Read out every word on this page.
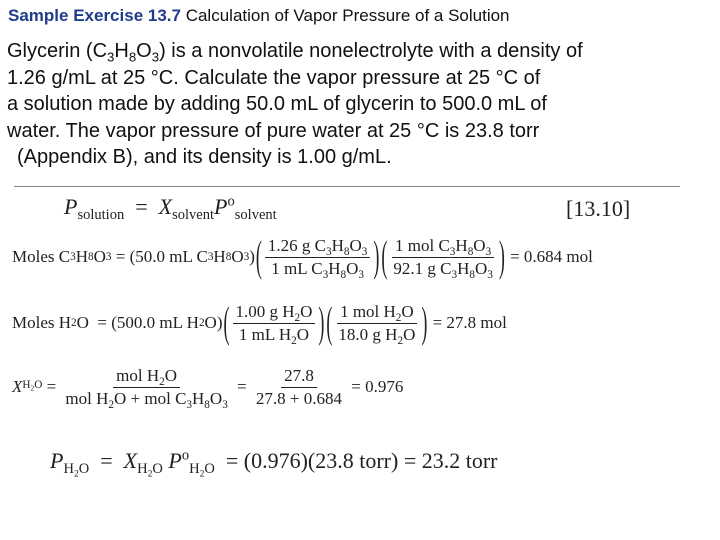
Sample Exercise 13.7 Calculation of Vapor Pressure of a Solution
Glycerin $(C_3H_8O_3)$ is a nonvolatile nonelectrolyte with a density of
1.26 g/mL at 25 °C. Calculate the vapor pressure at 25 °C of
a solution made by adding 50.0 mL of glycerin to 500.0 mL of
water. The vapor pressure of pure water at 25 °C is 23.8 torr
(Appendix B), and its density is 1.00 g/mL.
$P_{solution} = X_{solvent}P^o_{solvent}$	[13.10]
Moles C 3 H 8 O 3
= (50.0 mL C 3 H 8 O 3 ) ( $\frac{1.26 g C_3H_8O_3}{1 mL C_3H_8O_3}$ ) ( $\frac{1 mol C_3H_8O_3}{92.1 g C_3H_8O_3}$ )
= 0.684 mol
Moles H 2 O = (500.0 mL H 2 O) ( $\frac{1.00 g H_2O}{1 mL H_2O}$ ) ( $\frac{1 mol H_2O}{18.0 g H_2O}$ )
= 27.8 mol
X $H_2O = \frac{mol H_2O}{mol H_2O + mol C_3H_8O_3} = \frac{27.8}{27.8 + 0.684}$
= 0.976
$P_{H_2O} = X_{H_2O}$ $P^o_{H_2O} = (0.976)(23.8$ torr) = 23.2 torr
